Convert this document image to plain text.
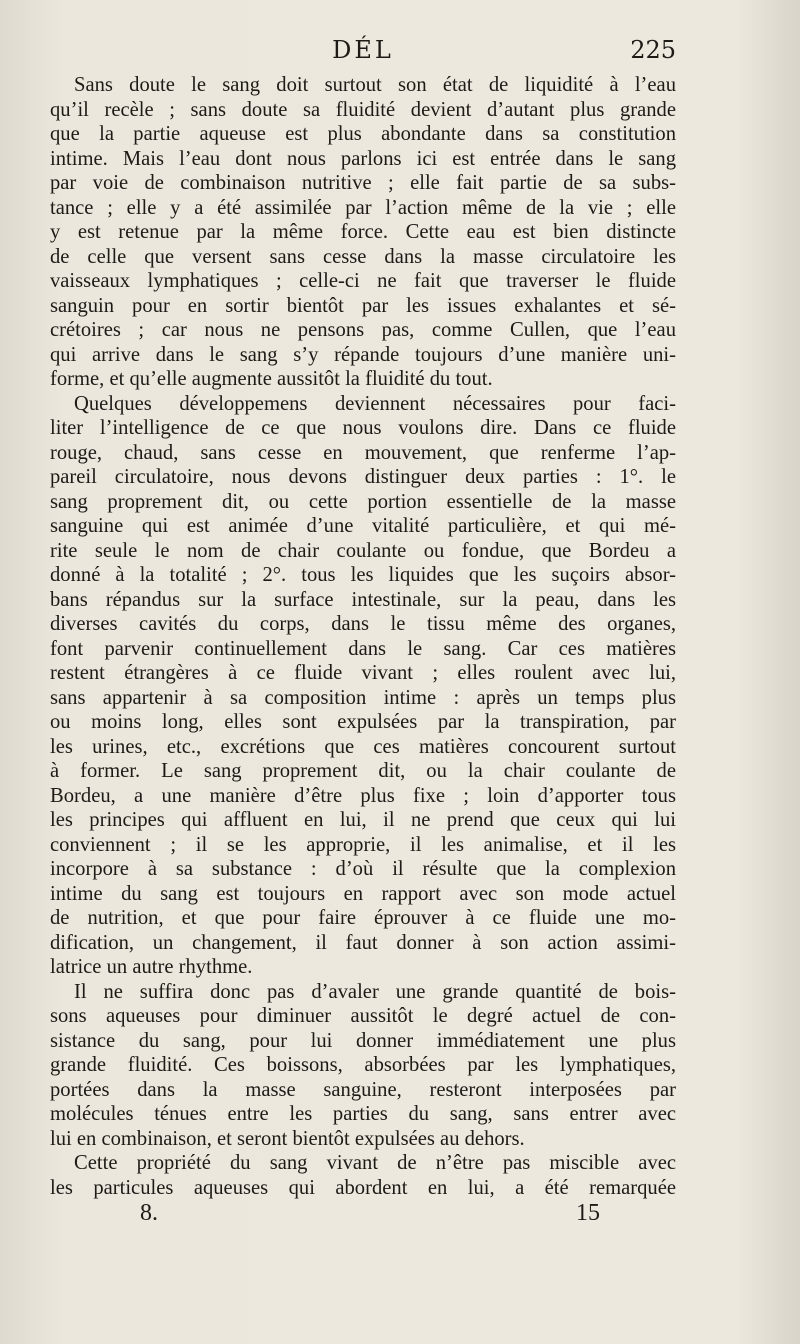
DÉL	225
Sans doute le sang doit surtout son état de liquidité à l’eau
qu’il recèle ; sans doute sa fluidité devient d’autant plus grande
que la partie aqueuse est plus abondante dans sa constitution
intime. Mais l’eau dont nous parlons ici est entrée dans le sang
par voie de combinaison nutritive ; elle fait partie de sa subs-
tance ; elle y a été assimilée par l’action même de la vie ; elle
y est retenue par la même force. Cette eau est bien distincte
de celle que versent sans cesse dans la masse circulatoire les
vaisseaux lymphatiques ; celle-ci ne fait que traverser le fluide
sanguin pour en sortir bientôt par les issues exhalantes et sé-
crétoires ; car nous ne pensons pas, comme Cullen, que l’eau
qui arrive dans le sang s’y répande toujours d’une manière uni-
forme, et qu’elle augmente aussitôt la fluidité du tout.
Quelques développemens deviennent nécessaires pour faci-
liter l’intelligence de ce que nous voulons dire. Dans ce fluide
rouge, chaud, sans cesse en mouvement, que renferme l’ap-
pareil circulatoire, nous devons distinguer deux parties : 1°. le
sang proprement dit, ou cette portion essentielle de la masse
sanguine qui est animée d’une vitalité particulière, et qui mé-
rite seule le nom de chair coulante ou fondue, que Bordeu a
donné à la totalité ; 2°. tous les liquides que les suçoirs absor-
bans répandus sur la surface intestinale, sur la peau, dans les
diverses cavités du corps, dans le tissu même des organes,
font parvenir continuellement dans le sang. Car ces matières
restent étrangères à ce fluide vivant ; elles roulent avec lui,
sans appartenir à sa composition intime : après un temps plus
ou moins long, elles sont expulsées par la transpiration, par
les urines, etc., excrétions que ces matières concourent surtout
à former. Le sang proprement dit, ou la chair coulante de
Bordeu, a une manière d’être plus fixe ; loin d’apporter tous
les principes qui affluent en lui, il ne prend que ceux qui lui
conviennent ; il se les approprie, il les animalise, et il les
incorpore à sa substance : d’où il résulte que la complexion
intime du sang est toujours en rapport avec son mode actuel
de nutrition, et que pour faire éprouver à ce fluide une mo-
dification, un changement, il faut donner à son action assimi-
latrice un autre rhythme.
Il ne suffira donc pas d’avaler une grande quantité de bois-
sons aqueuses pour diminuer aussitôt le degré actuel de con-
sistance du sang, pour lui donner immédiatement une plus
grande fluidité. Ces boissons, absorbées par les lymphatiques,
portées dans la masse sanguine, resteront interposées par
molécules ténues entre les parties du sang, sans entrer avec
lui en combinaison, et seront bientôt expulsées au dehors.
Cette propriété du sang vivant de n’être pas miscible avec
les particules aqueuses qui abordent en lui, a été remarquée
8.	15
